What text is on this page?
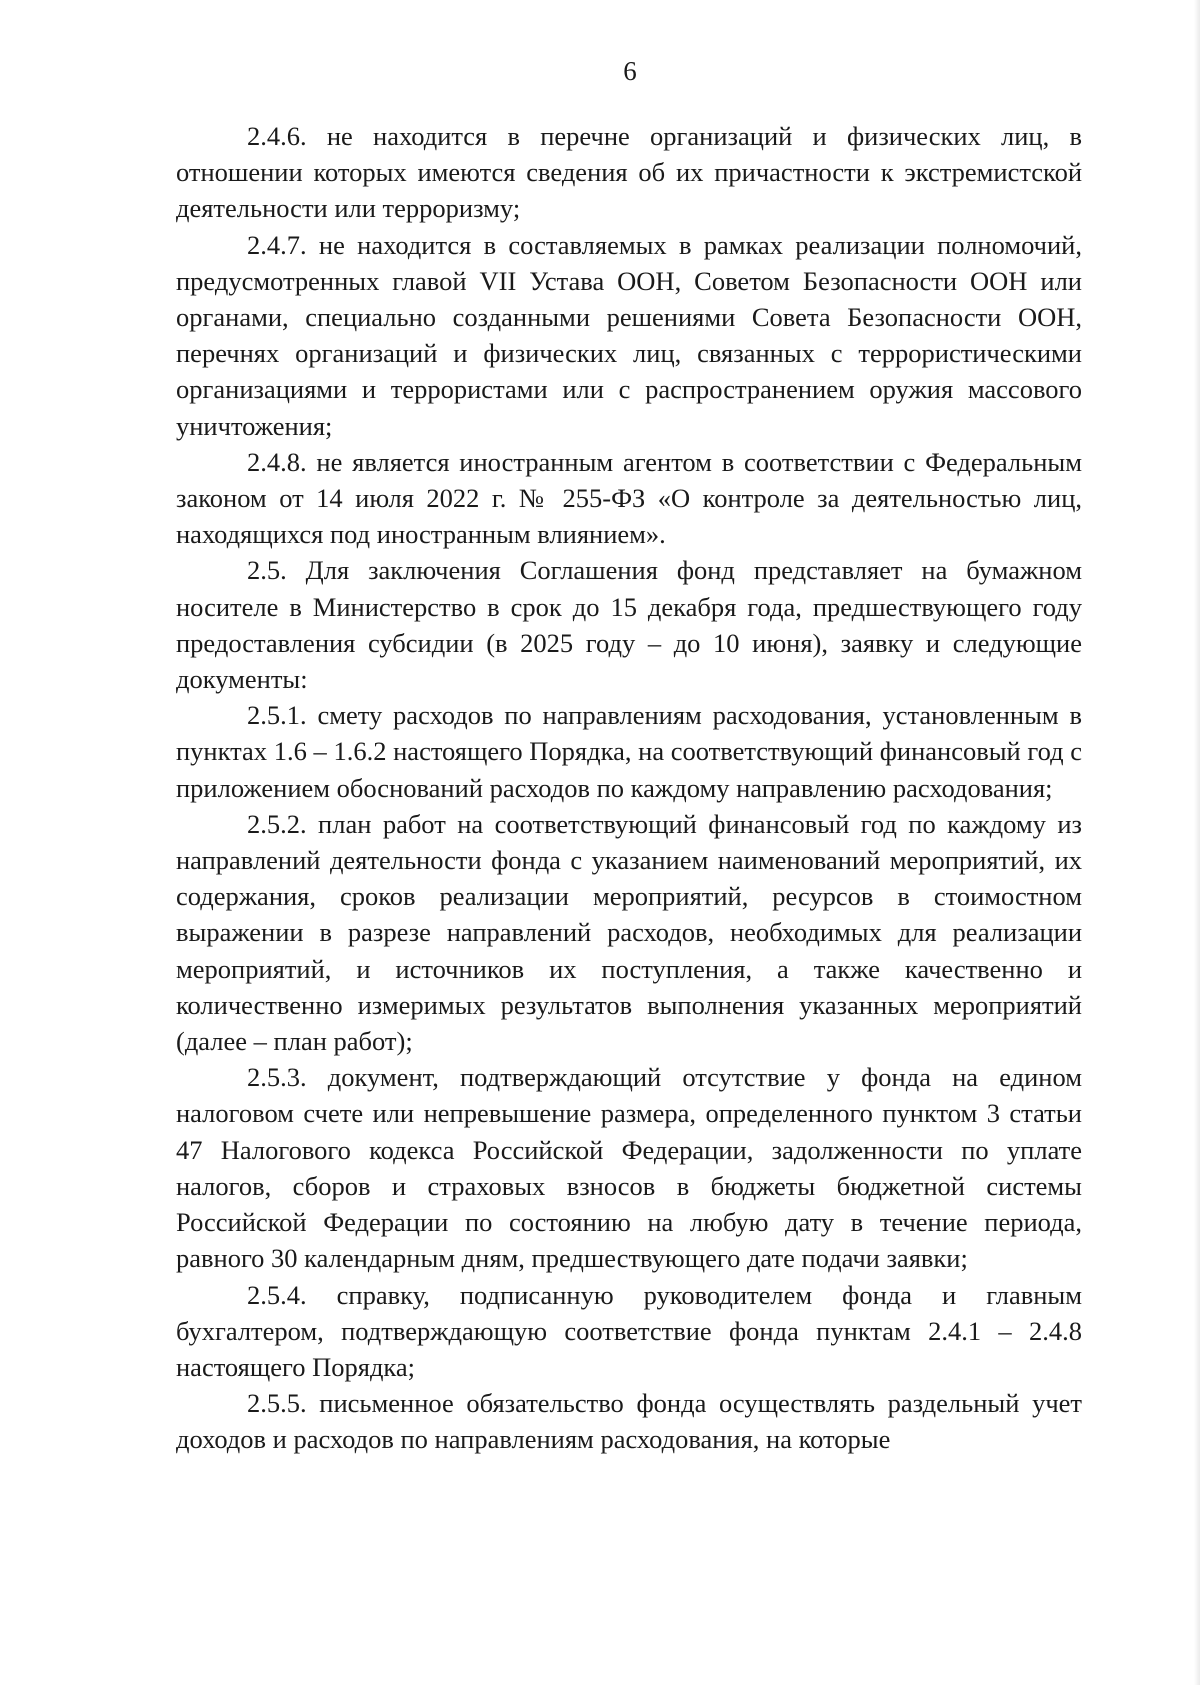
6

2.4.6. не находится в перечне организаций и физических лиц, в отношении которых имеются сведения об их причастности к экстремистской деятельности или терроризму;

2.4.7. не находится в составляемых в рамках реализации полномочий, предусмотренных главой VII Устава ООН, Советом Безопасности ООН или органами, специально созданными решениями Совета Безопасности ООН, перечнях организаций и физических лиц, связанных с террористическими организациями и террористами или с распространением оружия массового уничтожения;

2.4.8. не является иностранным агентом в соответствии с Федеральным законом от 14 июля 2022 г. № 255-ФЗ «О контроле за деятельностью лиц, находящихся под иностранным влиянием».

2.5. Для заключения Соглашения фонд представляет на бумажном носителе в Министерство в срок до 15 декабря года, предшествующего году предоставления субсидии (в 2025 году – до 10 июня), заявку и следующие документы:

2.5.1. смету расходов по направлениям расходования, установленным в пунктах 1.6 – 1.6.2 настоящего Порядка, на соответствующий финансовый год с приложением обоснований расходов по каждому направлению расходования;

2.5.2. план работ на соответствующий финансовый год по каждому из направлений деятельности фонда с указанием наименований мероприятий, их содержания, сроков реализации мероприятий, ресурсов в стоимостном выражении в разрезе направлений расходов, необходимых для реализации мероприятий, и источников их поступления, а также качественно и количественно измеримых результатов выполнения указанных мероприятий (далее – план работ);

2.5.3. документ, подтверждающий отсутствие у фонда на едином налоговом счете или непревышение размера, определенного пунктом 3 статьи 47 Налогового кодекса Российской Федерации, задолженности по уплате налогов, сборов и страховых взносов в бюджеты бюджетной системы Российской Федерации по состоянию на любую дату в течение периода, равного 30 календарным дням, предшествующего дате подачи заявки;

2.5.4. справку, подписанную руководителем фонда и главным бухгалтером, подтверждающую соответствие фонда пунктам 2.4.1 – 2.4.8 настоящего Порядка;

2.5.5. письменное обязательство фонда осуществлять раздельный учет доходов и расходов по направлениям расходования, на которые
